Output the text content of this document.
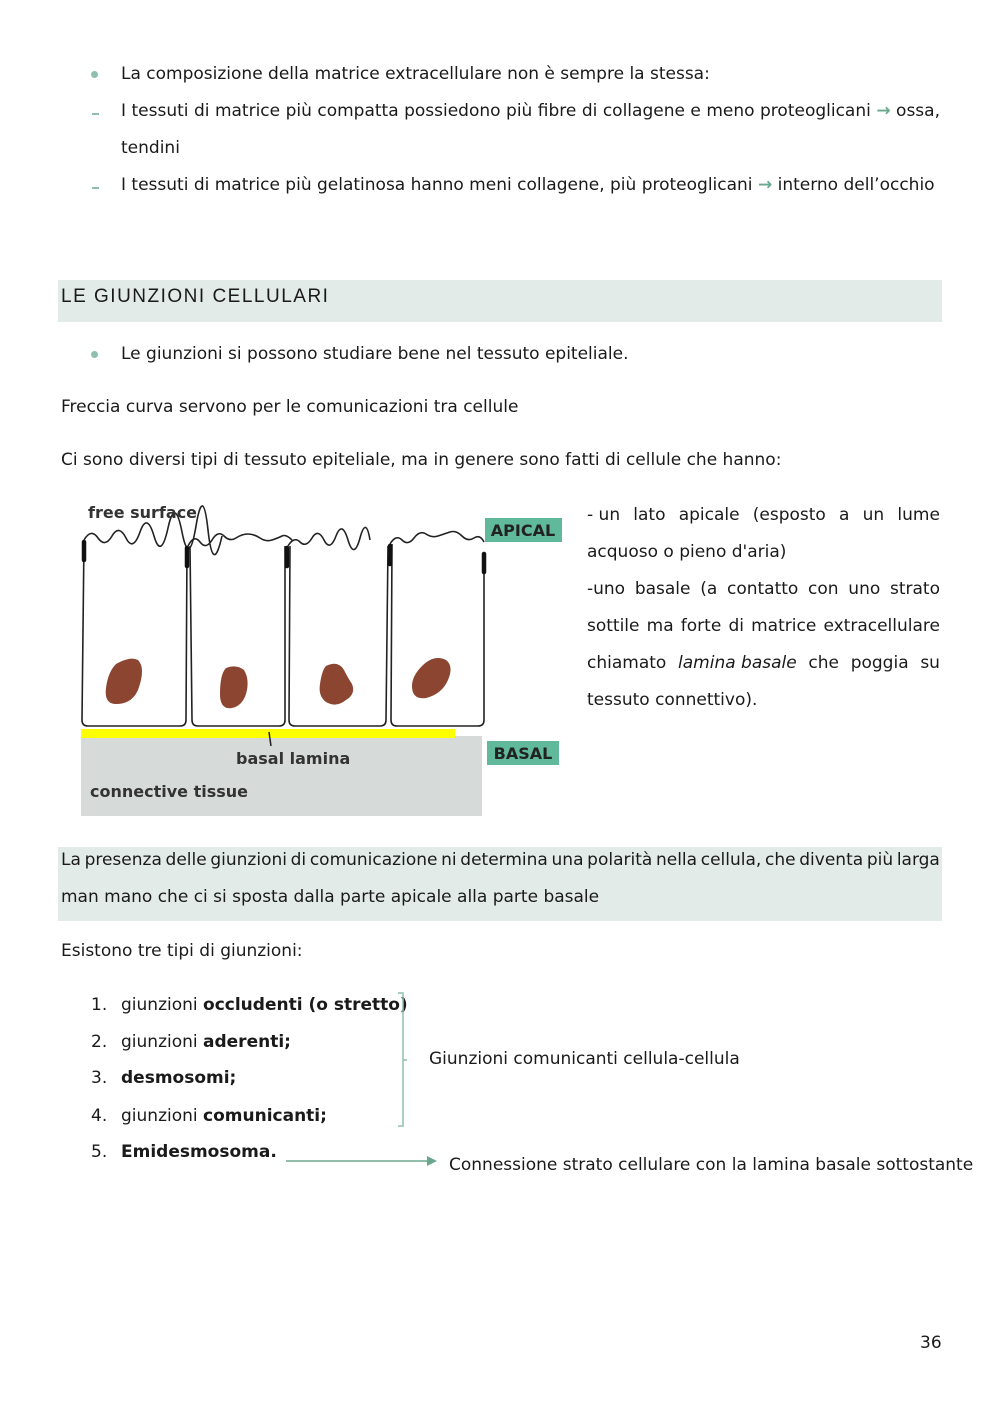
La composizione della matrice extracellulare non è sempre la stessa:
I tessuti di matrice più compatta possiedono più fibre di collagene e meno proteoglicani → ossa,
tendini
I tessuti di matrice più gelatinosa hanno meni collagene, più proteoglicani → interno dell’occhio
LE GIUNZIONI CELLULARI
Le giunzioni si possono studiare bene nel tessuto epiteliale.
Freccia curva servono per le comunicazioni tra cellule
Ci sono diversi tipi di tessuto epiteliale, ma in genere sono fatti di cellule che hanno:
free surface
basal lamina
connective tissue
APICAL
BASAL
- un lato apicale (esposto a un lume
acquoso o pieno d'aria)
-uno basale (a contatto con uno strato
sottile ma forte di matrice extracellulare
chiamato lamina basale che poggia su
tessuto connettivo).
La presenza delle giunzioni di comunicazione ni determina una polarità nella cellula, che diventa più larga
man mano che ci si sposta dalla parte apicale alla parte basale
Esistono tre tipi di giunzioni:
1. giunzioni occludenti (o stretto)
2. giunzioni aderenti;
3. desmosomi;
4. giunzioni comunicanti;
5. Emidesmosoma.
Giunzioni comunicanti cellula-cellula
Connessione strato cellulare con la lamina basale sottostante
36
